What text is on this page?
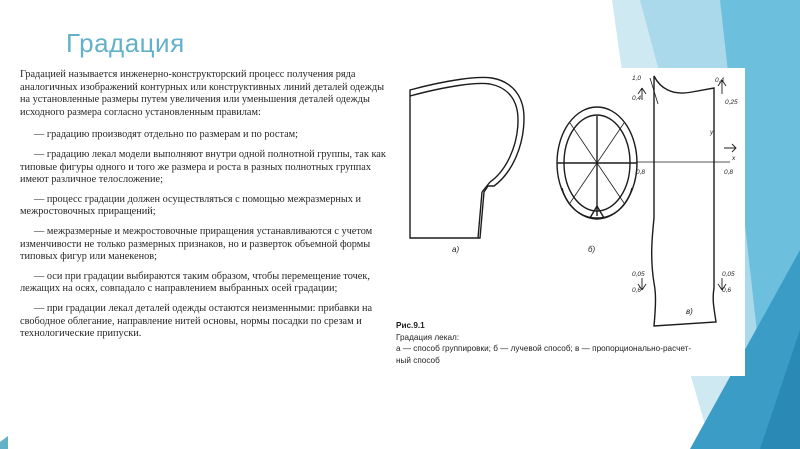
Градация

Градацией называется инженерно-конструкторский процесс получения ряда аналогичных изображений контурных или конструктивных линий деталей одежды на установленные размеры путем увеличения или уменьшения деталей одежды исходного размера согласно установленным правилам:

— градацию производят отдельно по размерам и по ростам;

— градацию лекал модели выполняют внутри одной полнотной группы, так как типовые фигуры одного и того же размера и роста в разных полнотных группах имеют различное телосложение;

— процесс градации должен осуществляться с помощью межразмерных и межростовочных приращений;

— межразмерные и межростовочные приращения устанавливаются с учетом изменчивости не только размерных признаков, но и разверток объемной формы типовых фигур или манекенов;

— оси при градации выбираются таким образом, чтобы перемещение точек, лежащих на осях, совпадало с направлением выбранных осей градации;

— при градации лекал деталей одежды остаются неизменными: прибавки на свободное облегание, направление нитей основы, нормы посадки по срезам и технологические припуски.

а)	б)
в)
1,0
0,4
0,4
0,25
0,8	0,8
y
x
0,05
0,6
0,05
0,6
Рис.9.1
Градация лекал:
а — способ группировки; б — лучевой способ; в — пропорционально-расчет-
ный способ
